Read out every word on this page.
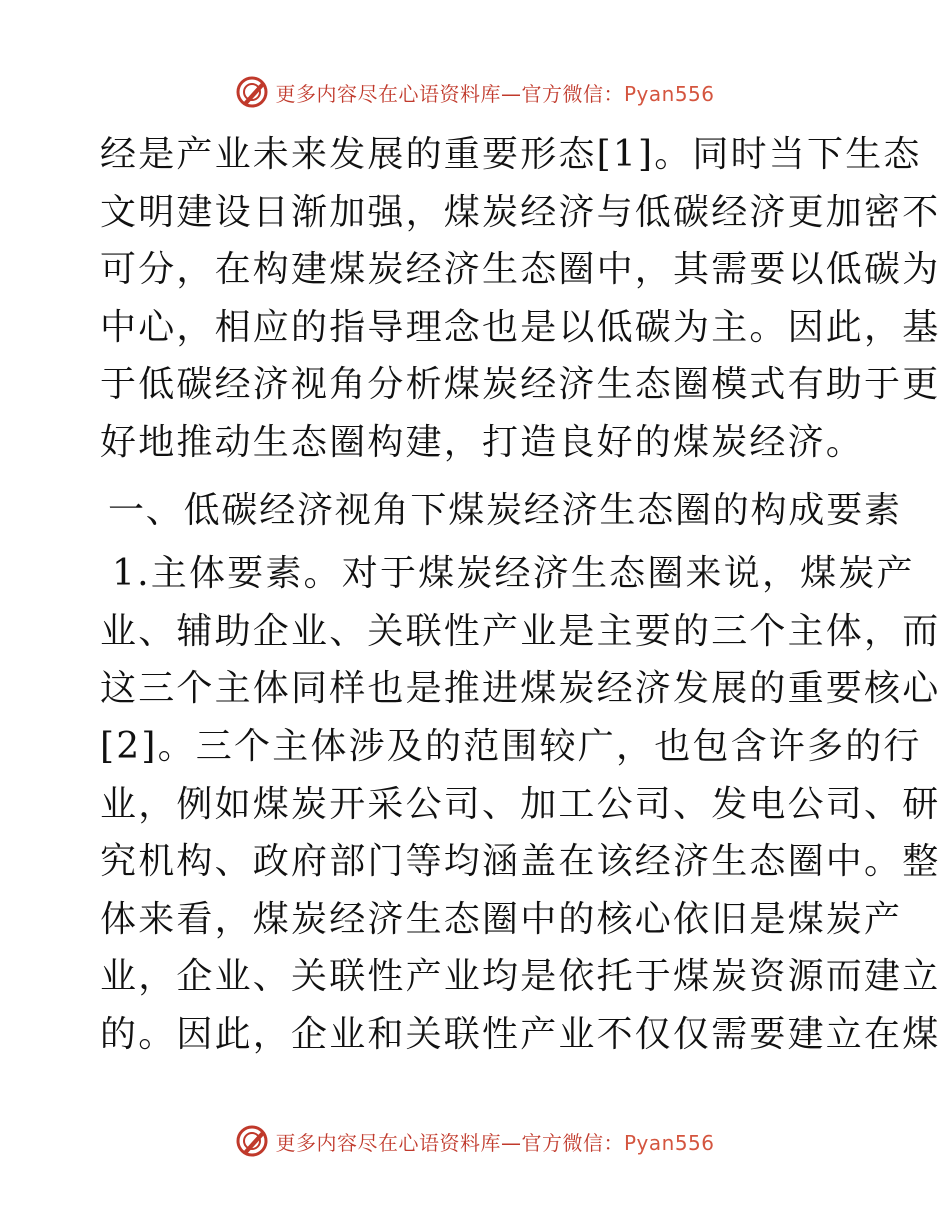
更多内容尽在心语资料库—官方微信：Pyan556
经是产业未来发展的重要形态[1]。同时当下生态
文明建设日渐加强，煤炭经济与低碳经济更加密不
可分，在构建煤炭经济生态圈中，其需要以低碳为
中心，相应的指导理念也是以低碳为主。因此，基
于低碳经济视角分析煤炭经济生态圈模式有助于更
好地推动生态圈构建，打造良好的煤炭经济。
一、低碳经济视角下煤炭经济生态圈的构成要素
1.主体要素。对于煤炭经济生态圈来说，煤炭产
业、辅助企业、关联性产业是主要的三个主体，而
这三个主体同样也是推进煤炭经济发展的重要核心
[2]。三个主体涉及的范围较广，也包含许多的行
业，例如煤炭开采公司、加工公司、发电公司、研
究机构、政府部门等均涵盖在该经济生态圈中。整
体来看，煤炭经济生态圈中的核心依旧是煤炭产
业，企业、关联性产业均是依托于煤炭资源而建立
的。因此，企业和关联性产业不仅仅需要建立在煤
更多内容尽在心语资料库—官方微信：Pyan556
